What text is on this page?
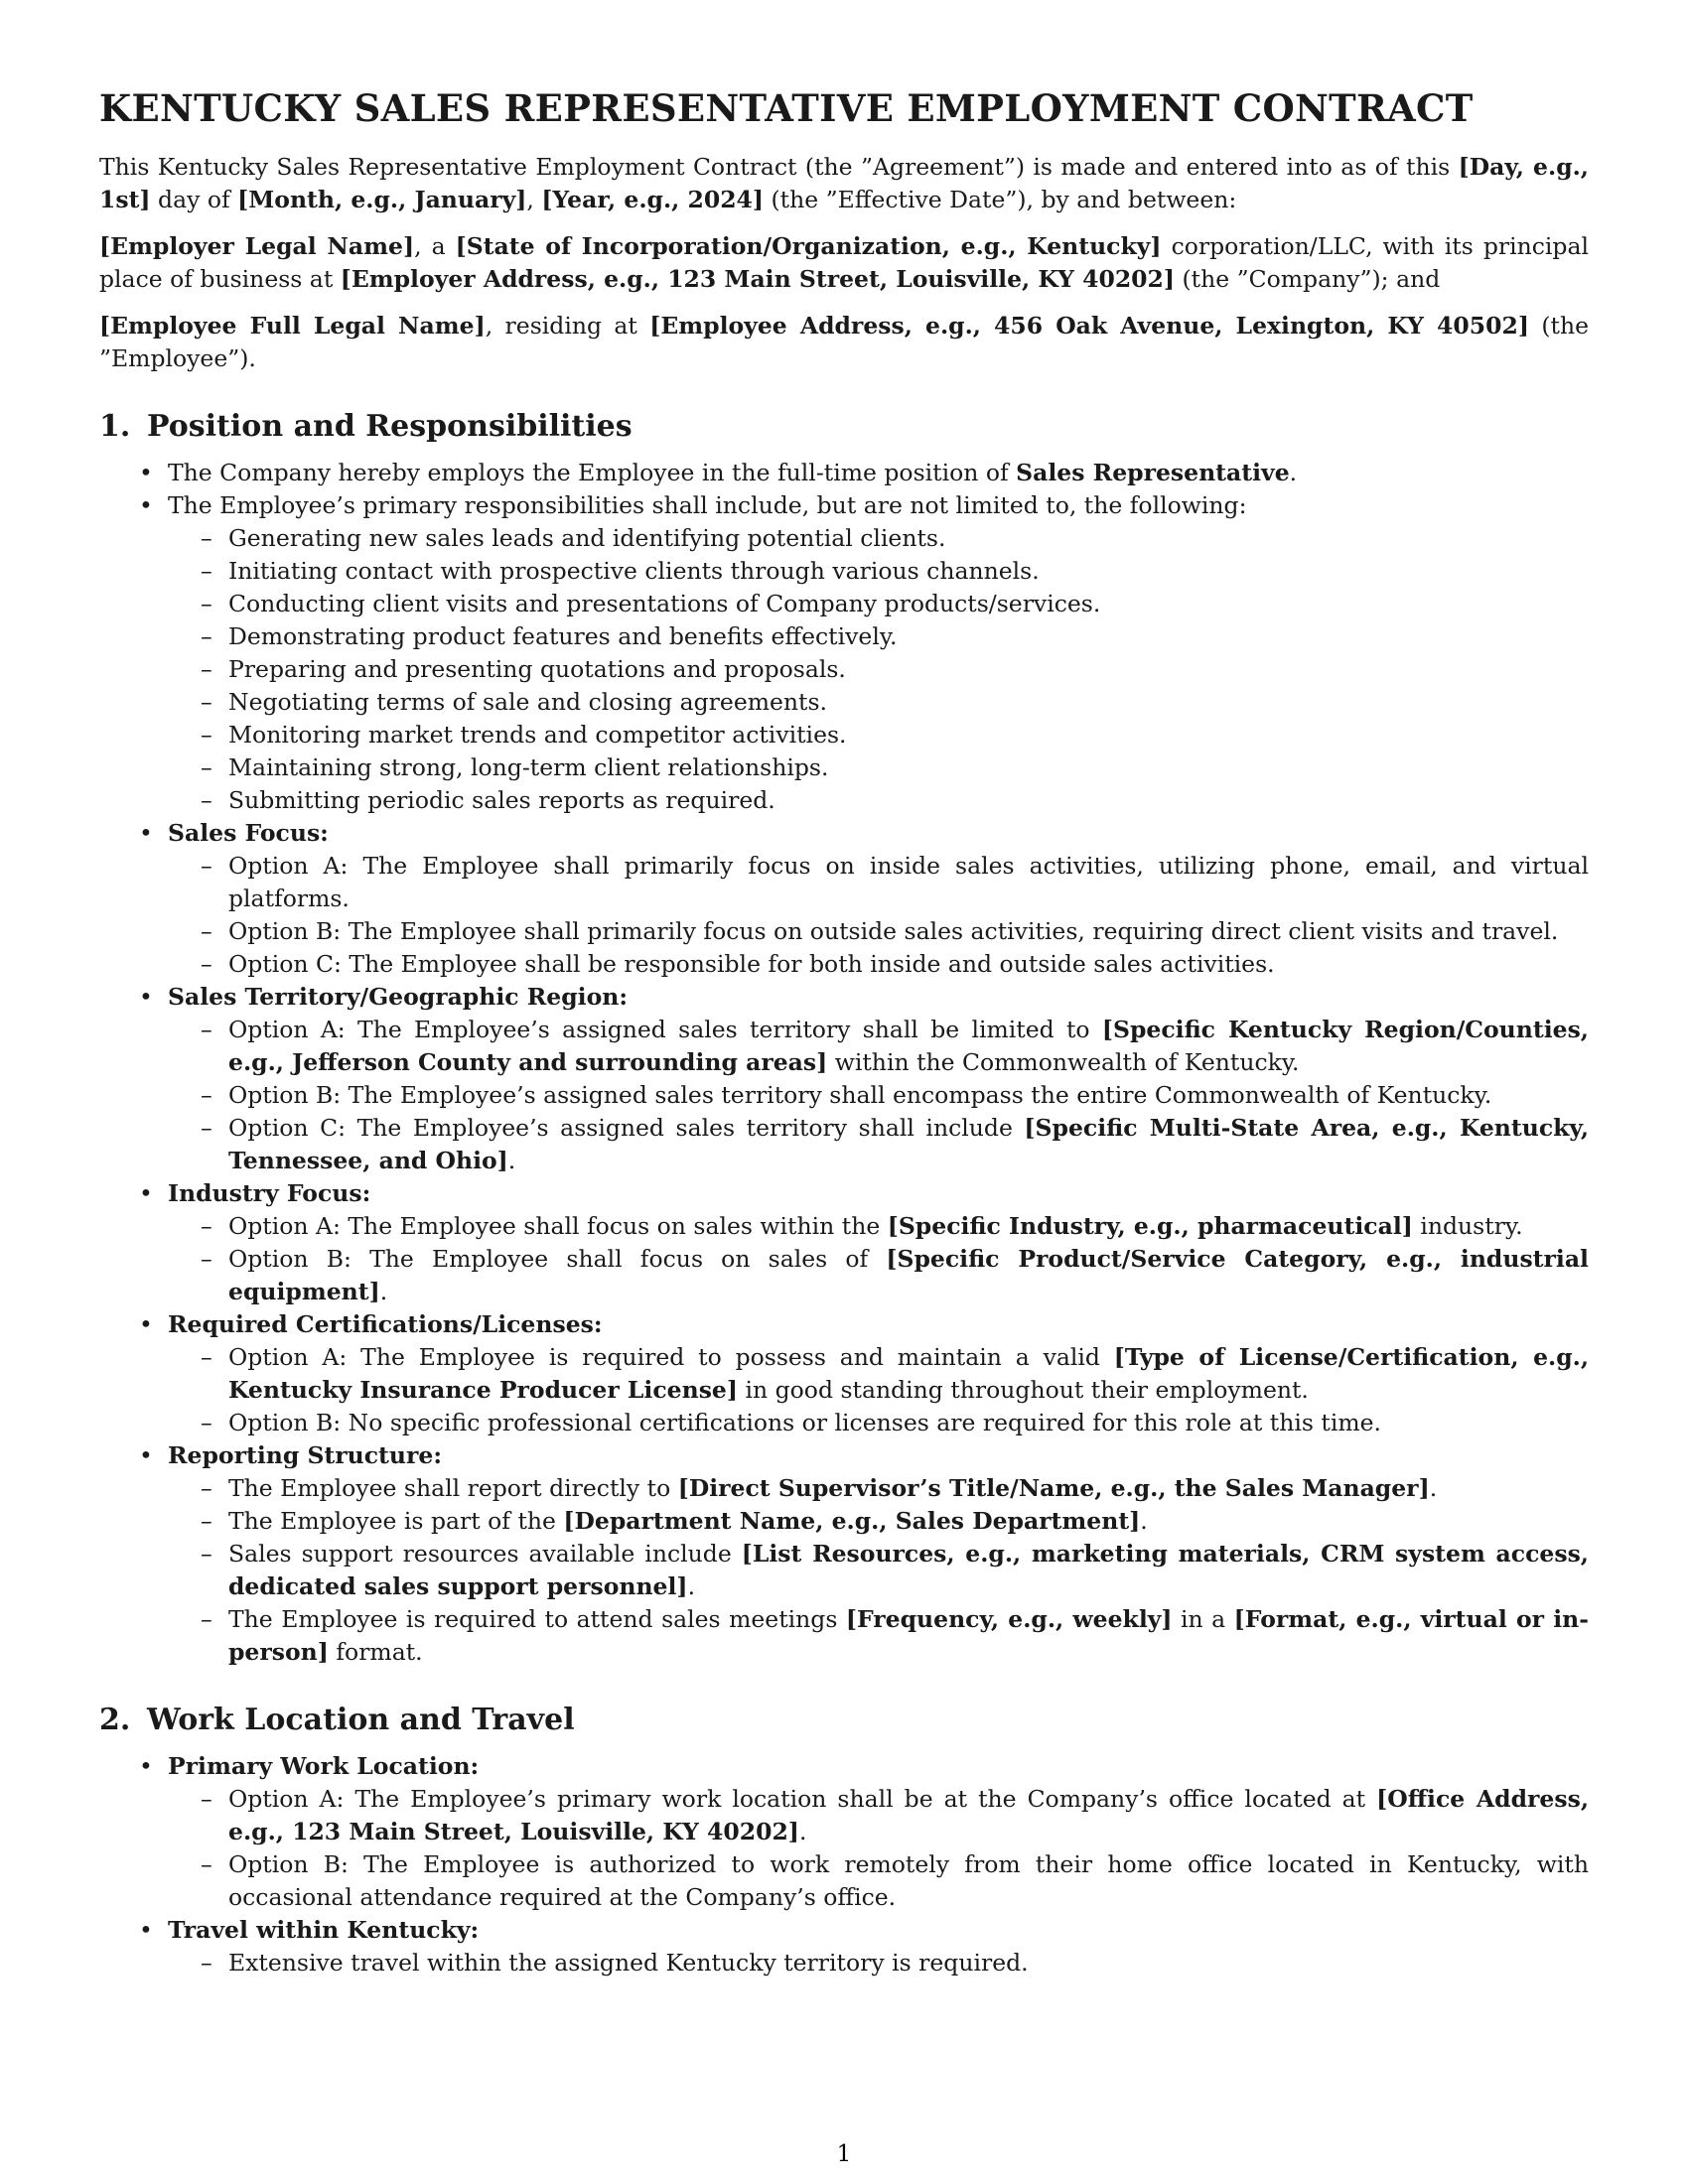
KENTUCKY SALES REPRESENTATIVE EMPLOYMENT CONTRACT

This Kentucky Sales Representative Employment Contract (the ”Agreement”) is made and entered into as of this [Day, e.g., 1st] day of [Month, e.g., January], [Year, e.g., 2024] (the ”Effective Date”), by and between:

[Employer Legal Name], a [State of Incorporation/Organization, e.g., Kentucky] corporation/LLC, with its principal place of business at [Employer Address, e.g., 123 Main Street, Louisville, KY 40202] (the ”Company”); and

[Employee Full Legal Name], residing at [Employee Address, e.g., 456 Oak Avenue, Lexington, KY 40502] (the ”Employee”).

1. Position and Responsibilities
• The Company hereby employs the Employee in the full-time position of Sales Representative.
• The Employee’s primary responsibilities shall include, but are not limited to, the following:
– Generating new sales leads and identifying potential clients.
– Initiating contact with prospective clients through various channels.
– Conducting client visits and presentations of Company products/services.
– Demonstrating product features and benefits effectively.
– Preparing and presenting quotations and proposals.
– Negotiating terms of sale and closing agreements.
– Monitoring market trends and competitor activities.
– Maintaining strong, long-term client relationships.
– Submitting periodic sales reports as required.
• Sales Focus:
– Option A: The Employee shall primarily focus on inside sales activities, utilizing phone, email, and virtual platforms.
– Option B: The Employee shall primarily focus on outside sales activities, requiring direct client visits and travel.
– Option C: The Employee shall be responsible for both inside and outside sales activities.
• Sales Territory/Geographic Region:
– Option A: The Employee’s assigned sales territory shall be limited to [Specific Kentucky Region/Counties, e.g., Jefferson County and surrounding areas] within the Commonwealth of Kentucky.
– Option B: The Employee’s assigned sales territory shall encompass the entire Commonwealth of Kentucky.
– Option C: The Employee’s assigned sales territory shall include [Specific Multi-State Area, e.g., Kentucky, Tennessee, and Ohio].
• Industry Focus:
– Option A: The Employee shall focus on sales within the [Specific Industry, e.g., pharmaceutical] industry.
– Option B: The Employee shall focus on sales of [Specific Product/Service Category, e.g., industrial equipment].
• Required Certifications/Licenses:
– Option A: The Employee is required to possess and maintain a valid [Type of License/Certification, e.g., Kentucky Insurance Producer License] in good standing throughout their employment.
– Option B: No specific professional certifications or licenses are required for this role at this time.
• Reporting Structure:
– The Employee shall report directly to [Direct Supervisor’s Title/Name, e.g., the Sales Manager].
– The Employee is part of the [Department Name, e.g., Sales Department].
– Sales support resources available include [List Resources, e.g., marketing materials, CRM system access, dedicated sales support personnel].
– The Employee is required to attend sales meetings [Frequency, e.g., weekly] in a [Format, e.g., virtual or in-person] format.
2. Work Location and Travel
• Primary Work Location:
– Option A: The Employee’s primary work location shall be at the Company’s office located at [Office Address, e.g., 123 Main Street, Louisville, KY 40202].
– Option B: The Employee is authorized to work remotely from their home office located in Kentucky, with occasional attendance required at the Company’s office.
• Travel within Kentucky:
– Extensive travel within the assigned Kentucky territory is required.
1
